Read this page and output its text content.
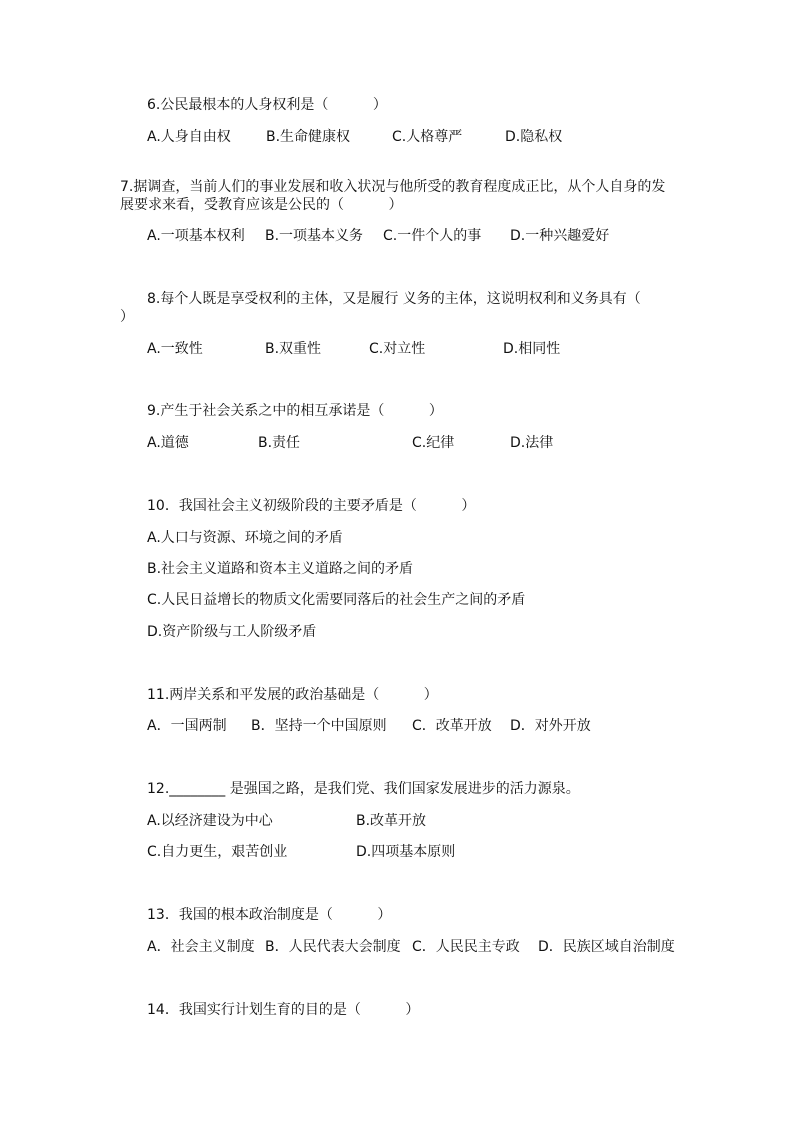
6.公民最根本的人身权利是（          ）
A.人身自由权	B.生命健康权	C.人格尊严	D.隐私权
7.据调查，当前人们的事业发展和收入状况与他所受的教育程度成正比，从个人自身的发
展要求来看，受教育应该是公民的（          ）
A.一项基本权利 B.一项基本义务 C.一件个人的事 D.一种兴趣爱好
8.每个人既是享受权利的主体，又是履行 义务的主体，这说明权利和义务具有（
）
A.一致性	B.双重性	C.对立性	D.相同性
9.产生于社会关系之中的相互承诺是（          ）
A.道德	B.责任	C.纪律	D.法律
10．我国社会主义初级阶段的主要矛盾是（          ）
A.人口与资源、环境之间的矛盾
B.社会主义道路和资本主义道路之间的矛盾
C.人民日益增长的物质文化需要同落后的社会生产之间的矛盾
D.资产阶级与工人阶级矛盾
11.两岸关系和平发展的政治基础是（          ）
A．一国两制 B．坚持一个中国原则 C．改革开放 D．对外开放
12.________ 是强国之路，是我们党、我们国家发展进步的活力源泉。
A.以经济建设为中心	B.改革开放
C.自力更生，艰苦创业	D.四项基本原则
13．我国的根本政治制度是（          ）
A．社会主义制度 B．人民代表大会制度 C．人民民主专政 D．民族区域自治制度
14．我国实行计划生育的目的是（          ）
